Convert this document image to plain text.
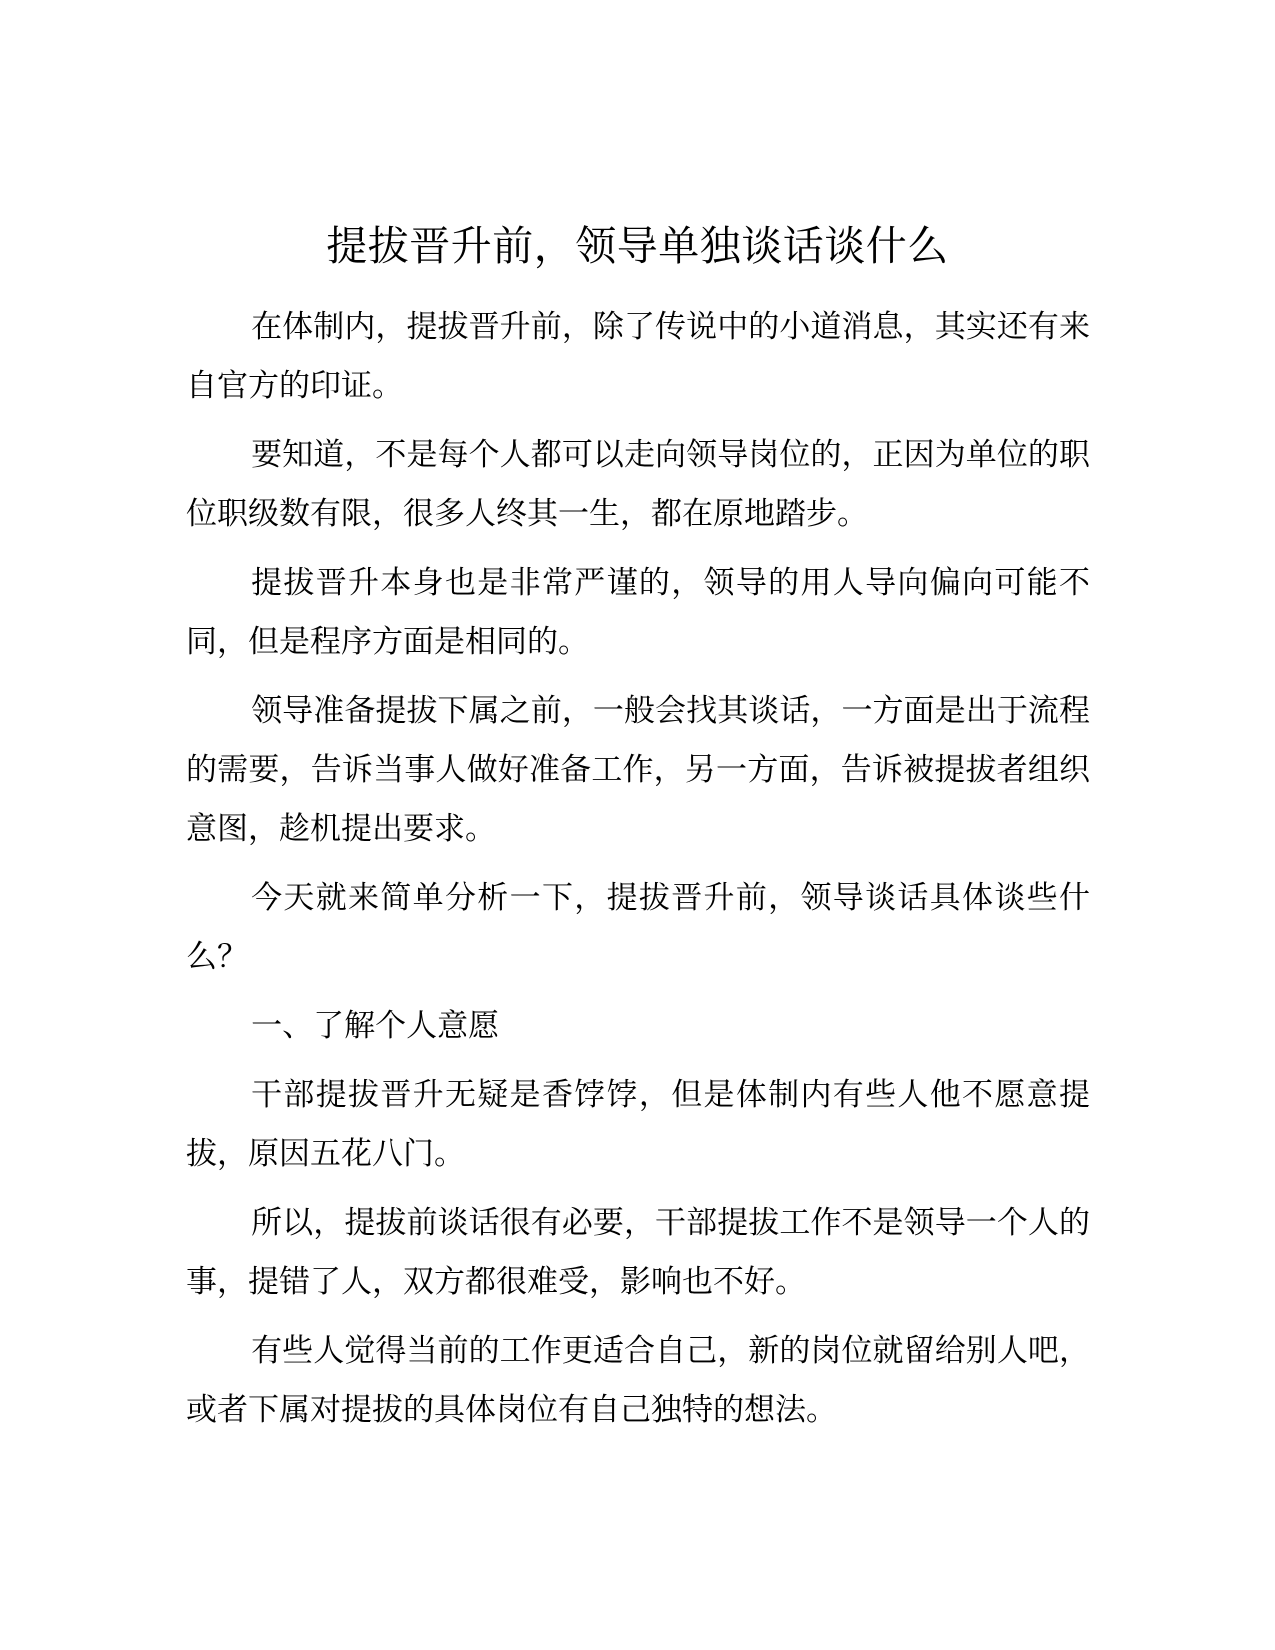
提拔晋升前，领导单独谈话谈什么

在体制内，提拔晋升前，除了传说中的小道消息，其实还有来自官方的印证。

要知道，不是每个人都可以走向领导岗位的，正因为单位的职位职级数有限，很多人终其一生，都在原地踏步。

提拔晋升本身也是非常严谨的，领导的用人导向偏向可能不同，但是程序方面是相同的。

领导准备提拔下属之前，一般会找其谈话，一方面是出于流程的需要，告诉当事人做好准备工作，另一方面，告诉被提拔者组织意图，趁机提出要求。

今天就来简单分析一下，提拔晋升前，领导谈话具体谈些什么？

一、了解个人意愿

干部提拔晋升无疑是香饽饽，但是体制内有些人他不愿意提拔，原因五花八门。

所以，提拔前谈话很有必要，干部提拔工作不是领导一个人的事，提错了人，双方都很难受，影响也不好。

有些人觉得当前的工作更适合自己，新的岗位就留给别人吧，或者下属对提拔的具体岗位有自己独特的想法。
